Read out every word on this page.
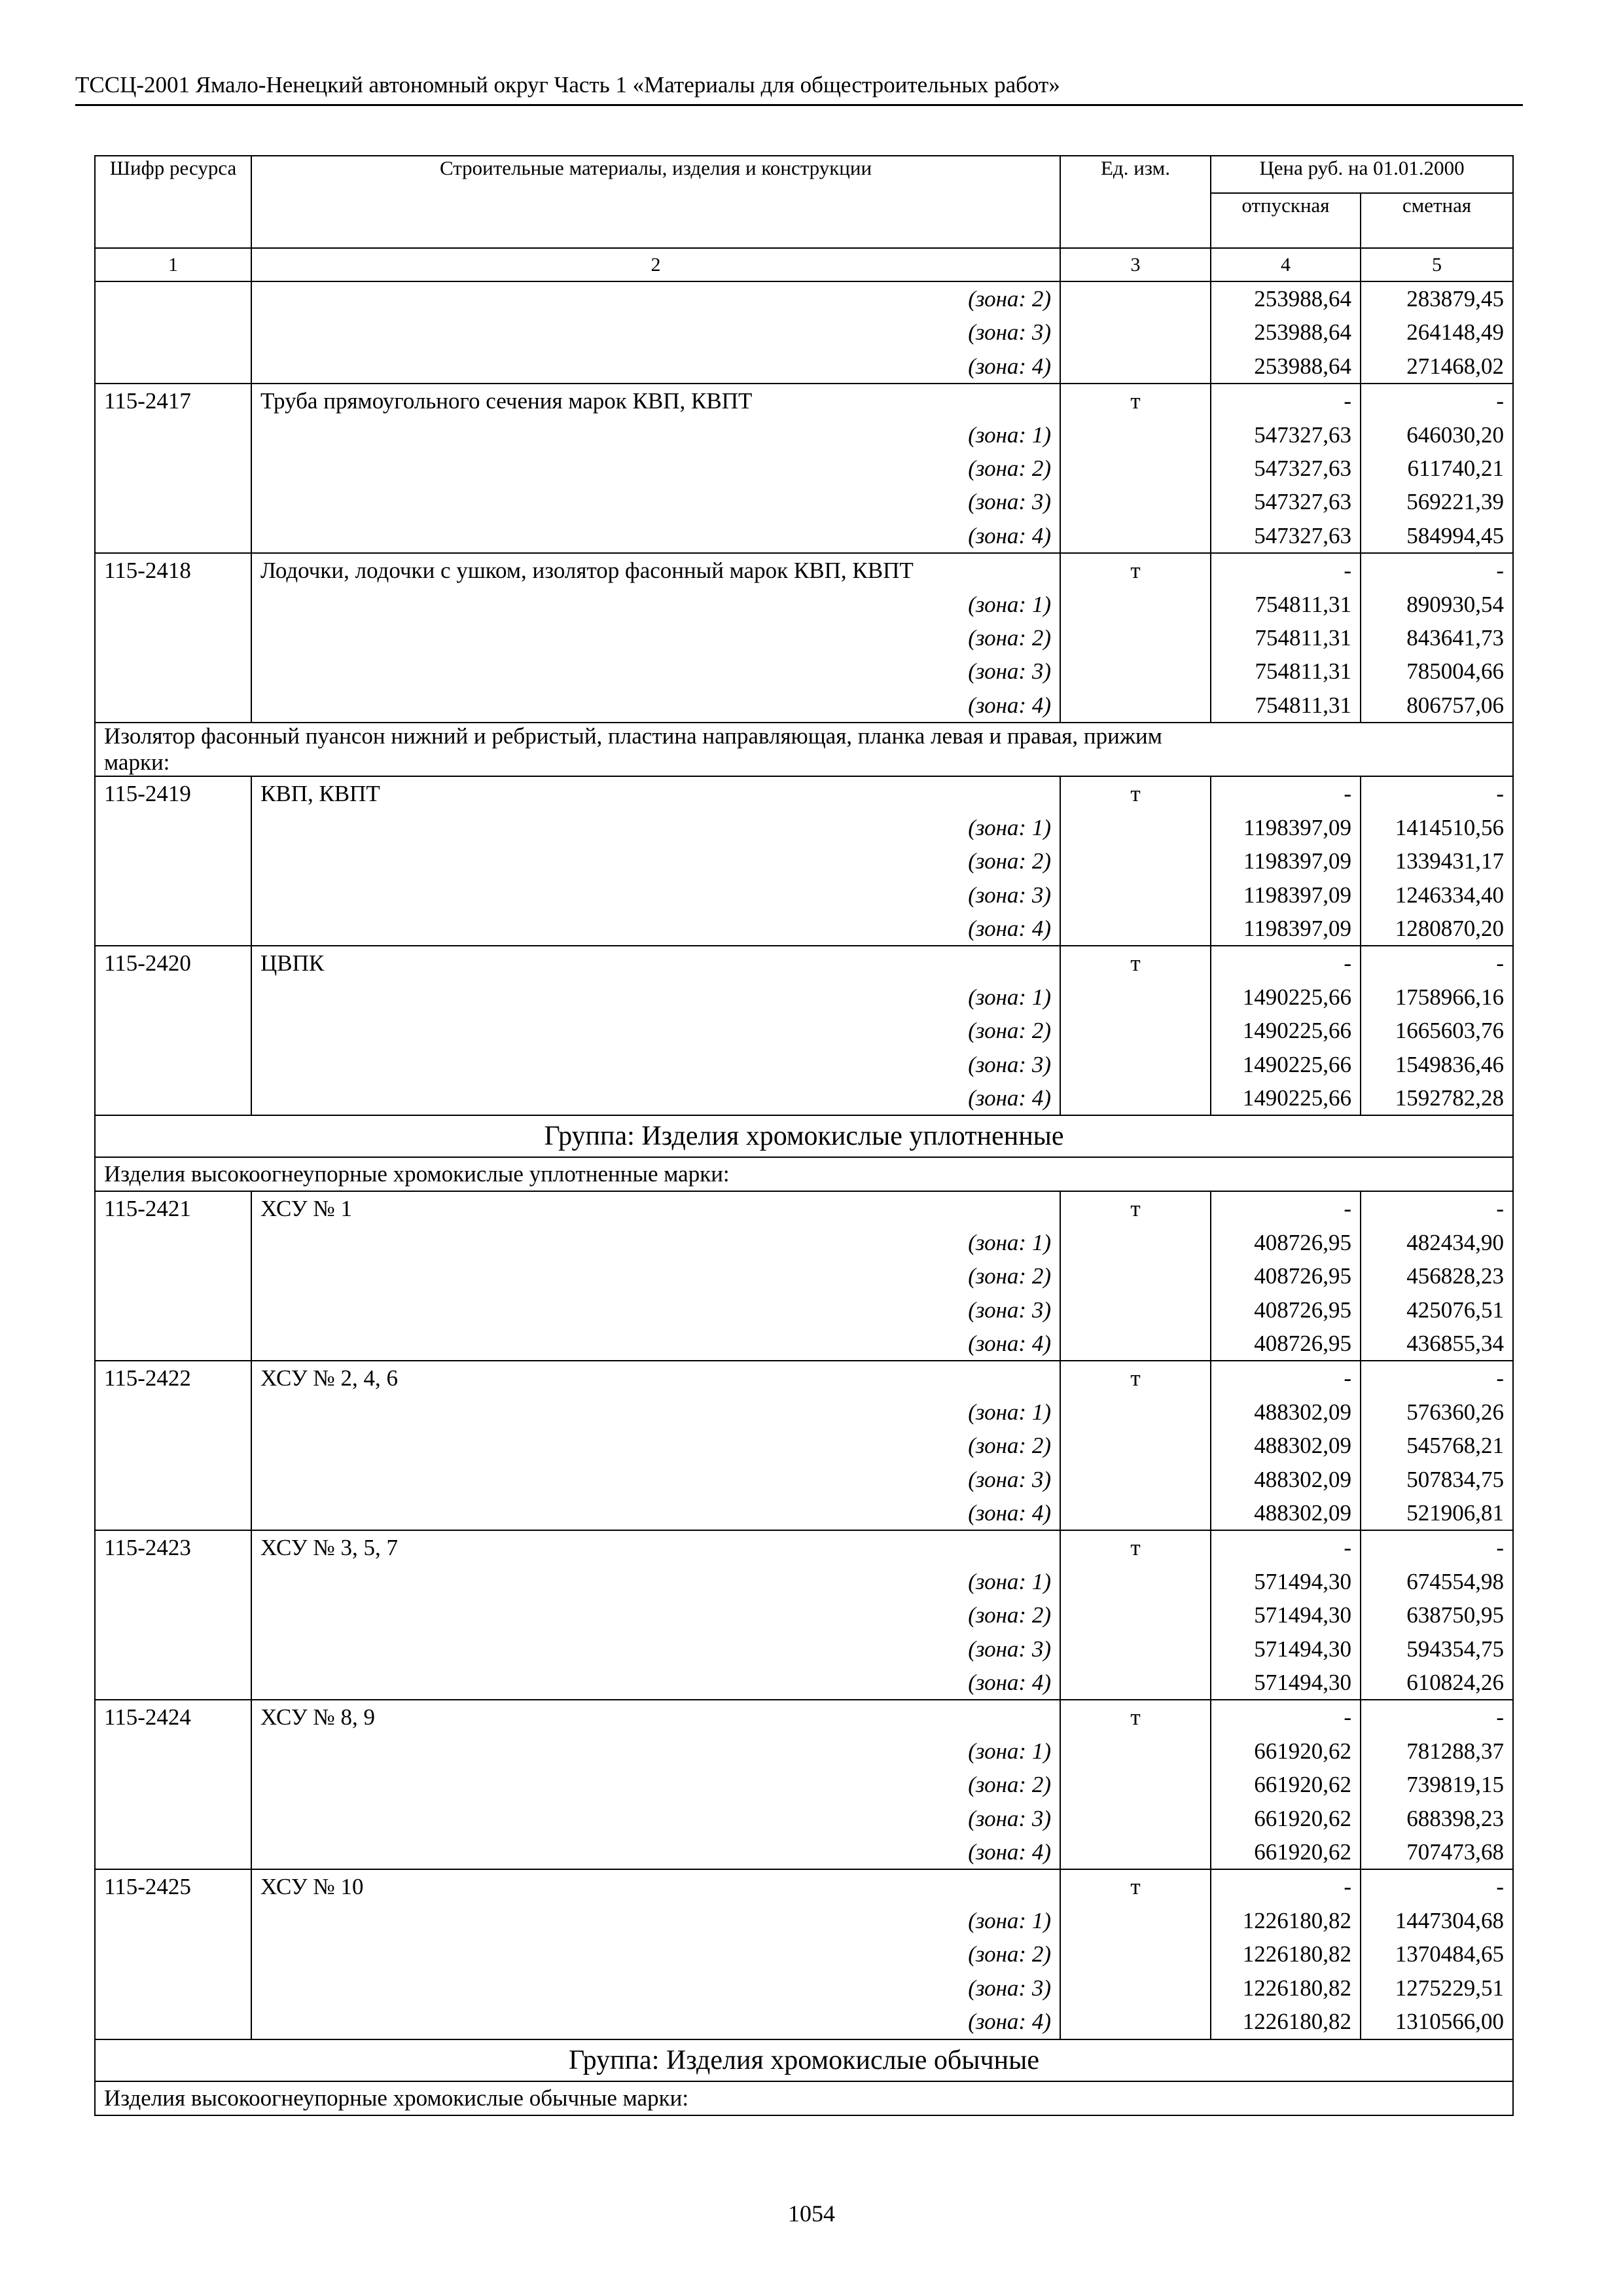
ТССЦ-2001 Ямало-Ненецкий автономный округ Часть 1 «Материалы для общестроительных работ»
Шифр ресурса	Строительные материалы, изделия и конструкции	Ед. изм.	Цена руб. на 01.01.2000	
			отпускная	сметная
1	2	3	4	5
	(зона: 2)		253988,64	283879,45
	(зона: 3)		253988,64	264148,49
	(зона: 4)		253988,64	271468,02
115-2417	Труба прямоугольного сечения марок КВП, КВПТ	т	-	-
	(зона: 1)		547327,63	646030,20
	(зона: 2)		547327,63	611740,21
	(зона: 3)		547327,63	569221,39
	(зона: 4)		547327,63	584994,45
115-2418	Лодочки, лодочки с ушком, изолятор фасонный марок КВП, КВПТ	т	-	-
	(зона: 1)		754811,31	890930,54
	(зона: 2)		754811,31	843641,73
	(зона: 3)		754811,31	785004,66
	(зона: 4)		754811,31	806757,06

Изолятор фасонный пуансон нижний и ребристый, пластина направляющая, планка левая и правая, прижим
марки:				

115-2419	КВП, КВПТ	т	-	-
	(зона: 1)		1198397,09	1414510,56
	(зона: 2)		1198397,09	1339431,17
	(зона: 3)		1198397,09	1246334,40
	(зона: 4)		1198397,09	1280870,20
115-2420	ЦВПК	т	-	-
	(зона: 1)		1490225,66	1758966,16
	(зона: 2)		1490225,66	1665603,76
	(зона: 3)		1490225,66	1549836,46
	(зона: 4)		1490225,66	1592782,28
Группа: Изделия хромокислые уплотненные				
Изделия высокоогнеупорные хромокислые уплотненные марки:				
115-2421	ХСУ № 1	т	-	-
	(зона: 1)		408726,95	482434,90
	(зона: 2)		408726,95	456828,23
	(зона: 3)		408726,95	425076,51
	(зона: 4)		408726,95	436855,34
115-2422	ХСУ № 2, 4, 6	т	-	-
	(зона: 1)		488302,09	576360,26
	(зона: 2)		488302,09	545768,21
	(зона: 3)		488302,09	507834,75
	(зона: 4)		488302,09	521906,81
115-2423	ХСУ № 3, 5, 7	т	-	-
	(зона: 1)		571494,30	674554,98
	(зона: 2)		571494,30	638750,95
	(зона: 3)		571494,30	594354,75
	(зона: 4)		571494,30	610824,26
115-2424	ХСУ № 8, 9	т	-	-
	(зона: 1)		661920,62	781288,37
	(зона: 2)		661920,62	739819,15
	(зона: 3)		661920,62	688398,23
	(зона: 4)		661920,62	707473,68
115-2425	ХСУ № 10	т	-	-
	(зона: 1)		1226180,82	1447304,68
	(зона: 2)		1226180,82	1370484,65
	(зона: 3)		1226180,82	1275229,51
	(зона: 4)		1226180,82	1310566,00
Группа: Изделия хромокислые обычные				
Изделия высокоогнеупорные хромокислые обычные марки:				
1054
